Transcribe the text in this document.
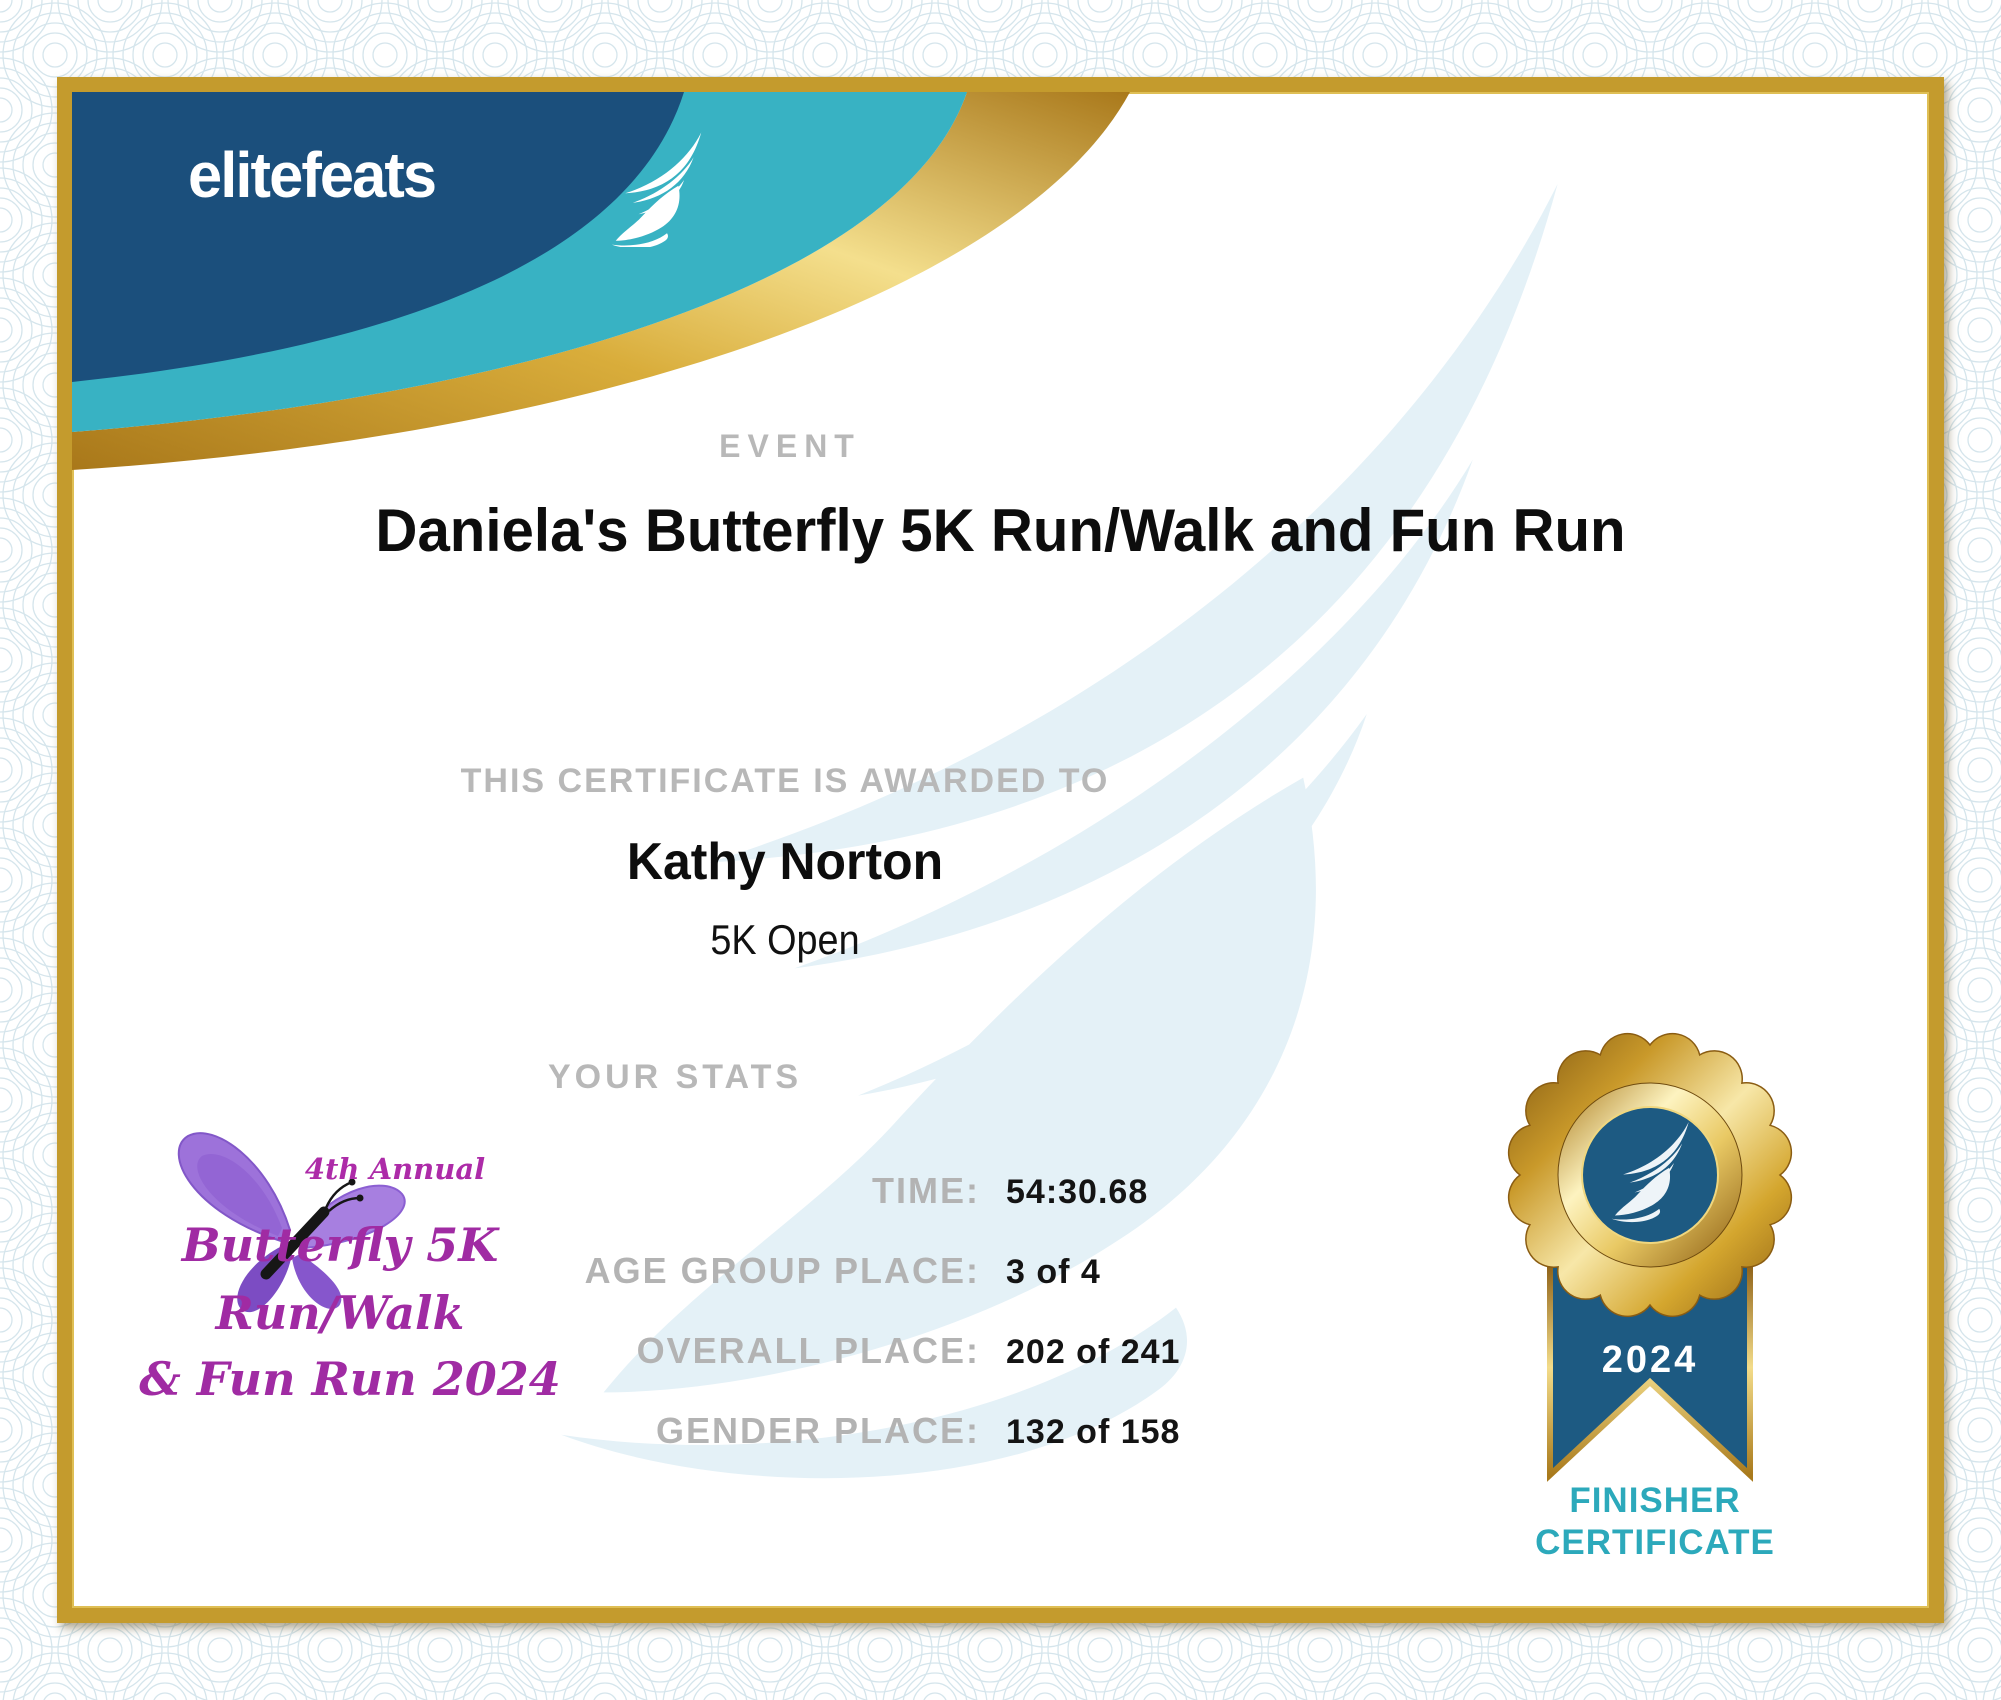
elitefeats
EVENT
Daniela's Butterfly 5K Run/Walk and Fun Run
THIS CERTIFICATE IS AWARDED TO
Kathy Norton
5K Open
YOUR STATS
TIME: 54:30.68
AGE GROUP PLACE: 3 of 4
OVERALL PLACE: 202 of 241
GENDER PLACE: 132 of 158
4th Annual
Butterfly 5K
Run/Walk
& Fun Run 2024	2024
FINISHER
CERTIFICATE
